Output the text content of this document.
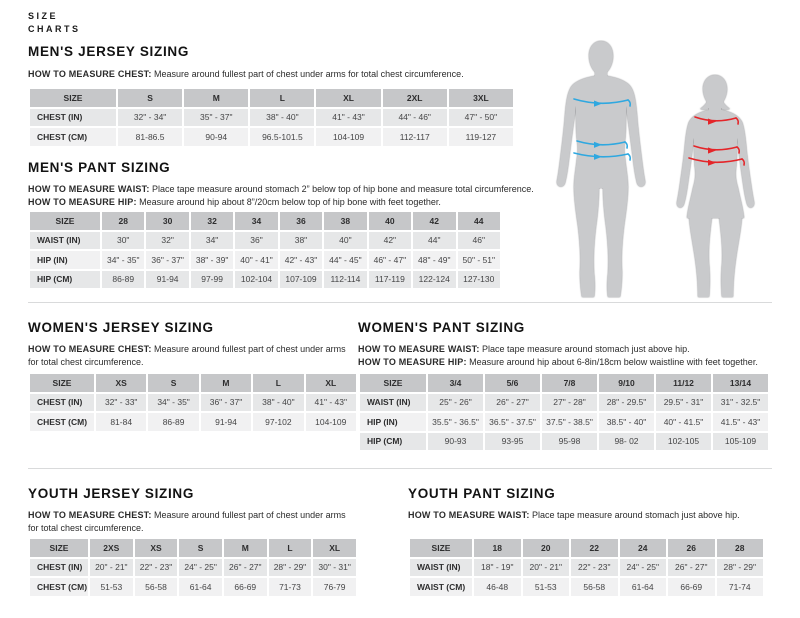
SIZE
CHARTS
MEN'S JERSEY SIZING

HOW TO MEASURE CHEST: Measure around fullest part of chest under arms for total chest circumference.

SIZE	S	M	L	XL	2XL	3XL
CHEST (IN)	32" - 34"	35" - 37"	38" - 40"	41" - 43"	44" - 46"	47" - 50"
CHEST (CM)	81-86.5	90-94	96.5-101.5	104-109	112-117	119-127
MEN'S PANT SIZING

HOW TO MEASURE WAIST: Place tape measure around stomach 2” below top of hip bone and measure total circumference.

HOW TO MEASURE HIP: Measure around hip about 8”/20cm below top of hip bone with feet together.

SIZE	28	30	32	34	36	38	40	42	44
WAIST (IN)	30"	32"	34"	36"	38"	40"	42"	44"	46"
HIP (IN)	34" - 35"	36" - 37"	38" - 39"	40" - 41"	42" - 43"	44" - 45"	46" - 47"	48" - 49"	50" - 51"
HIP (CM)	86-89	91-94	97-99	102-104	107-109	112-114	117-119	122-124	127-130
WOMEN'S JERSEY SIZING

HOW TO MEASURE CHEST: Measure around fullest part of chest under arms for total chest circumference.

SIZE	XS	S	M	L	XL
CHEST (IN)	32" - 33"	34" - 35"	36" - 37"	38" - 40"	41" - 43"
CHEST (CM)	81-84	86-89	91-94	97-102	104-109
WOMEN'S PANT SIZING

HOW TO MEASURE WAIST: Place tape measure around stomach just above hip.

HOW TO MEASURE HIP: Measure around hip about 6-8in/18cm below waistline with feet together.

SIZE	3/4	5/6	7/8	9/10	11/12	13/14
WAIST (IN)	25" - 26"	26" - 27"	27" - 28"	28" - 29.5"	29.5" - 31"	31" - 32.5"
HIP (IN)	35.5" - 36.5"	36.5" - 37.5"	37.5" - 38.5"	38.5" - 40"	40" - 41.5"	41.5" - 43"
HIP (CM)	90-93	93-95	95-98	98- 02	102-105	105-109
YOUTH JERSEY SIZING

HOW TO MEASURE CHEST: Measure around fullest part of chest under arms for total chest circumference.

SIZE	2XS	XS	S	M	L	XL
CHEST (IN)	20" - 21"	22" - 23"	24" - 25"	26" - 27"	28" - 29"	30" - 31"
CHEST (CM)	51-53	56-58	61-64	66-69	71-73	76-79
YOUTH PANT SIZING

HOW TO MEASURE WAIST: Place tape measure around stomach just above hip.

SIZE	18	20	22	24	26	28
WAIST (IN)	18" - 19"	20" - 21"	22" - 23"	24" - 25"	26" - 27"	28" - 29"
WAIST (CM)	46-48	51-53	56-58	61-64	66-69	71-74
